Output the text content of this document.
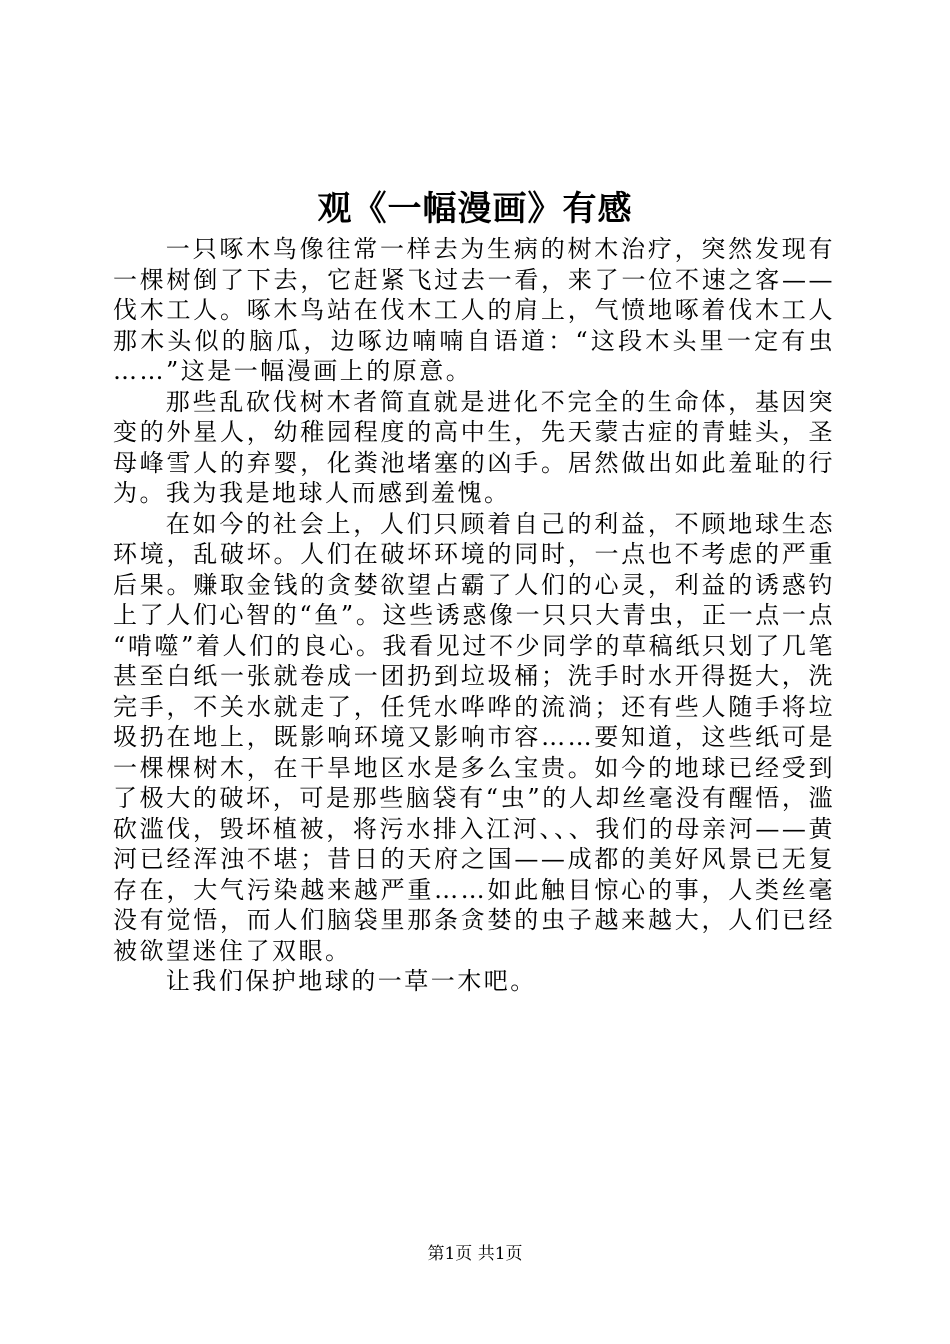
观《一幅漫画》有感

一只啄木鸟像往常一样去为生病的树木治疗，突然发现有一棵树倒了下去，它赶紧飞过去一看，来了一位不速之客——伐木工人。啄木鸟站在伐木工人的肩上，气愤地啄着伐木工人那木头似的脑瓜，边啄边喃喃自语道：“这段木头里一定有虫……”这是一幅漫画上的原意。

那些乱砍伐树木者简直就是进化不完全的生命体，基因突变的外星人，幼稚园程度的高中生，先天蒙古症的青蛙头，圣母峰雪人的弃婴，化粪池堵塞的凶手。居然做出如此羞耻的行为。我为我是地球人而感到羞愧。

在如今的社会上，人们只顾着自己的利益，不顾地球生态环境，乱破坏。人们在破坏环境的同时，一点也不考虑的严重后果。赚取金钱的贪婪欲望占霸了人们的心灵，利益的诱惑钓上了人们心智的“鱼”。这些诱惑像一只只大青虫，正一点一点“啃噬”着人们的良心。我看见过不少同学的草稿纸只划了几笔甚至白纸一张就卷成一团扔到垃圾桶；洗手时水开得挺大，洗完手，不关水就走了，任凭水哗哗的流淌；还有些人随手将垃圾扔在地上，既影响环境又影响市容……要知道，这些纸可是一棵棵树木，在干旱地区水是多么宝贵。如今的地球已经受到了极大的破坏，可是那些脑袋有“虫”的人却丝毫没有醒悟，滥砍滥伐，毁坏植被，将污水排入江河、、、我们的母亲河——黄河已经浑浊不堪；昔日的天府之国——成都的美好风景已无复存在，大气污染越来越严重……如此触目惊心的事，人类丝毫没有觉悟，而人们脑袋里那条贪婪的虫子越来越大，人们已经被欲望迷住了双眼。

让我们保护地球的一草一木吧。

第1页 共1页
